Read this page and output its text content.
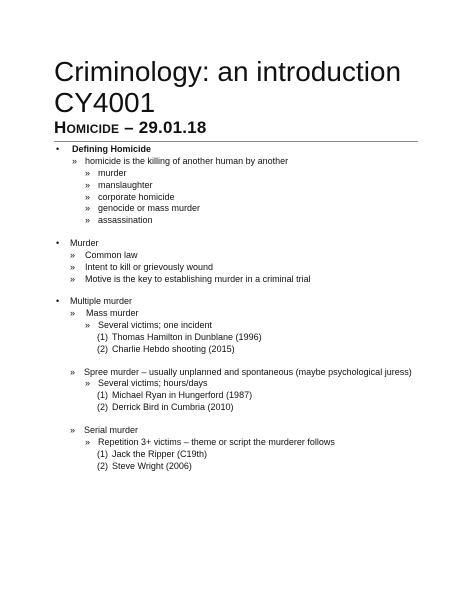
Criminology: an introduction
CY4001
Homicide – 29.01.18
• Defining Homicide
» homicide is the killing of another human by another
» murder
» manslaughter
» corporate homicide
» genocide or mass murder
» assassination
• Murder
» Common law
» Intent to kill or grievously wound
» Motive is the key to establishing murder in a criminal trial
• Multiple murder
» Mass murder
» Several victims; one incident
(1) Thomas Hamilton in Dunblane (1996)
(2) Charlie Hebdo shooting (2015)
» Spree murder – usually unplanned and spontaneous (maybe psychological juress)
» Several victims; hours/days
(1) Michael Ryan in Hungerford (1987)
(2) Derrick Bird in Cumbria (2010)
» Serial murder
» Repetition 3+ victims – theme or script the murderer follows
(1) Jack the Ripper (C19th)
(2) Steve Wright (2006)
